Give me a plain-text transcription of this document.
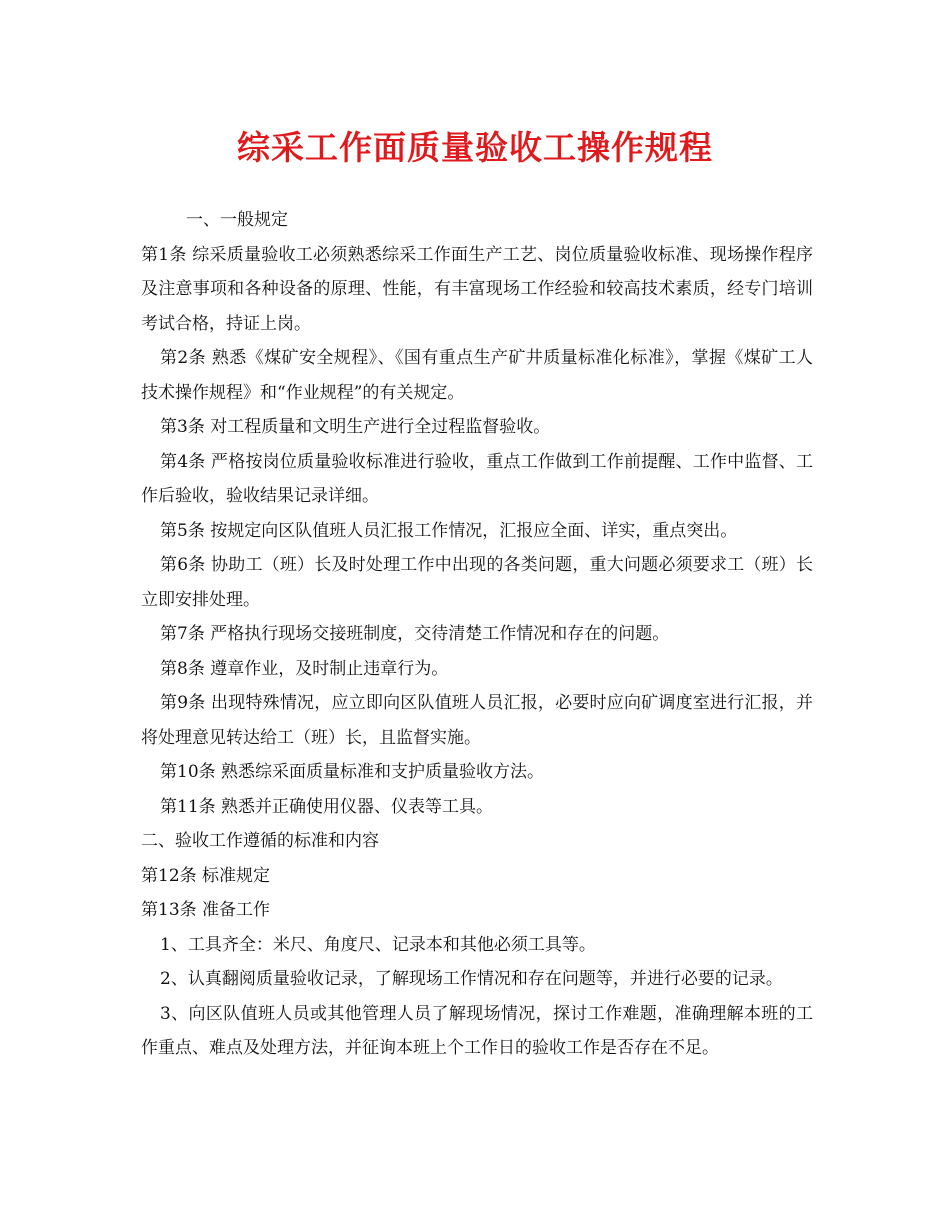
综采工作面质量验收工操作规程

一、一般规定

第1条 综采质量验收工必须熟悉综采工作面生产工艺、岗位质量验收标准、现场操作程序及注意事项和各种设备的原理、性能，有丰富现场工作经验和较高技术素质，经专门培训考试合格，持证上岗。

第2条 熟悉《煤矿安全规程》、《国有重点生产矿井质量标准化标准》，掌握《煤矿工人技术操作规程》和“作业规程”的有关规定。

第3条 对工程质量和文明生产进行全过程监督验收。

第4条 严格按岗位质量验收标准进行验收，重点工作做到工作前提醒、工作中监督、工作后验收，验收结果记录详细。

第5条 按规定向区队值班人员汇报工作情况，汇报应全面、详实，重点突出。

第6条 协助工（班）长及时处理工作中出现的各类问题，重大问题必须要求工（班）长立即安排处理。

第7条 严格执行现场交接班制度，交待清楚工作情况和存在的问题。

第8条 遵章作业，及时制止违章行为。

第9条 出现特殊情况，应立即向区队值班人员汇报，必要时应向矿调度室进行汇报，并将处理意见转达给工（班）长，且监督实施。

第10条 熟悉综采面质量标准和支护质量验收方法。

第11条 熟悉并正确使用仪器、仪表等工具。

二、验收工作遵循的标准和内容

第12条 标准规定

第13条 准备工作

1、工具齐全：米尺、角度尺、记录本和其他必须工具等。

2、认真翻阅质量验收记录，了解现场工作情况和存在问题等，并进行必要的记录。

3、向区队值班人员或其他管理人员了解现场情况，探讨工作难题，准确理解本班的工作重点、难点及处理方法，并征询本班上个工作日的验收工作是否存在不足。
